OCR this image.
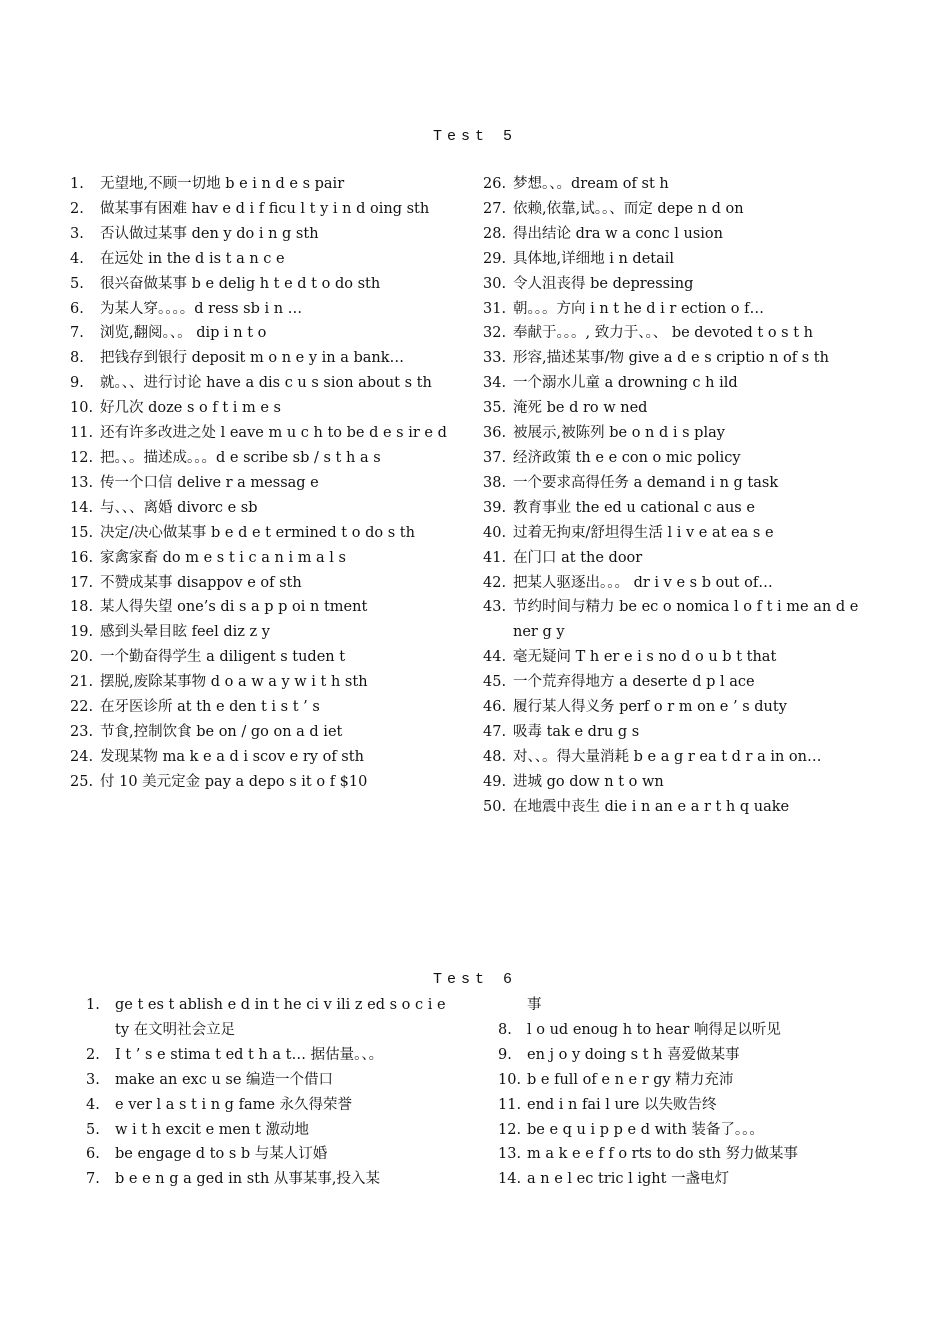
Test 5
1. 无望地,不顾一切地 b e i n d e s pair
2. 做某事有困难 hav e d i f ficu l t y i n d oing sth
3. 否认做过某事 den y do i n g sth
4. 在远处 in the d is t a n c e
5. 很兴奋做某事 b e delig h t e d t o do sth
6. 为某人穿。。。。d ress sb i n …
7. 浏览,翻阅。、。 dip i n t o
8. 把钱存到银行 deposit m o n e y in a bank…
9. 就。、、进行讨论 have a dis c u s sion about s th
10. 好几次 doze s o f t i m e s
11. 还有许多改进之处 l eave m u c h to be d e s ir e d
12. 把。、。描述成。。。d e scribe sb / s t h a s
13. 传一个口信 delive r a messag e
14. 与、、、离婚 divorc e sb
15. 决定/决心做某事 b e d e t ermined t o do s th
16. 家禽家畜 do m e s t i c a n i m a l s
17. 不赞成某事 disappov e of sth
18. 某人得失望 one’s di s a p p oi n tment
19. 感到头晕目眩 feel diz z y
20. 一个勤奋得学生 a diligent s tuden t
21. 摆脱,废除某事物 d o a w a y w i t h sth
22. 在牙医诊所 at th e den t i s t ’ s
23. 节食,控制饮食 be on / go on a d iet
24. 发现某物 ma k e a d i scov e ry of sth
25. 付 10 美元定金 pay a depo s it o f $10
26. 梦想。、。dream of st h
27. 依赖,依靠,试。。、而定 depe n d on
28. 得出结论 dra w a conc l usion
29. 具体地,详细地 i n detail
30. 令人沮丧得 be depressing
31. 朝。。。方向 i n t he d i r ection o f…
32. 奉献于。。。, 致力于、。、 be devoted t o s t h
33. 形容,描述某事/物 give a d e s criptio n of s th
34. 一个溺水儿童 a drowning c h ild
35. 淹死 be d ro w ned
36. 被展示,被陈列 be o n d i s play
37. 经济政策 th e e con o mic policy
38. 一个要求高得任务 a demand i n g task
39. 教育事业 the ed u cational c aus e
40. 过着无拘束/舒坦得生活 l i v e at ea s e
41. 在门口 at the door
42. 把某人驱逐出。。。 dr i v e s b out of…
43. 节约时间与精力 be ec o nomica l o f t i me an d ener g y
44. 毫无疑问 T h er e i s no d o u b t that
45. 一个荒弃得地方 a deserte d p l ace
46. 履行某人得义务 perf o r m on e ’ s duty
47. 吸毒 tak e dru g s
48. 对、、。得大量消耗 b e a g r ea t d r a in on…
49. 进城 go dow n t o wn
50. 在地震中丧生 die i n an e a r t h q uake
Test 6
1. ge t es t ablish e d in t he ci v ili z ed s o c i e ty 在文明社会立足
2. I t ’ s e stima t ed t h a t… 据估量。、。
3. make an exc u se 编造一个借口
4. e ver l a s t i n g fame 永久得荣誉
5. w i t h excit e men t 激动地
6. be engage d to s b 与某人订婚
7. b e e n g a ged in sth 从事某事,投入某
事
8. l o ud enoug h to hear 响得足以听见
9. en j o y doing s t h 喜爱做某事
10. b e full of e n e r gy 精力充沛
11. end i n fai l ure 以失败告终
12. be e q u i p p e d with 装备了。。。
13. m a k e e f f o rts to do sth 努力做某事
14. a n e l ec tric l ight 一盏电灯
